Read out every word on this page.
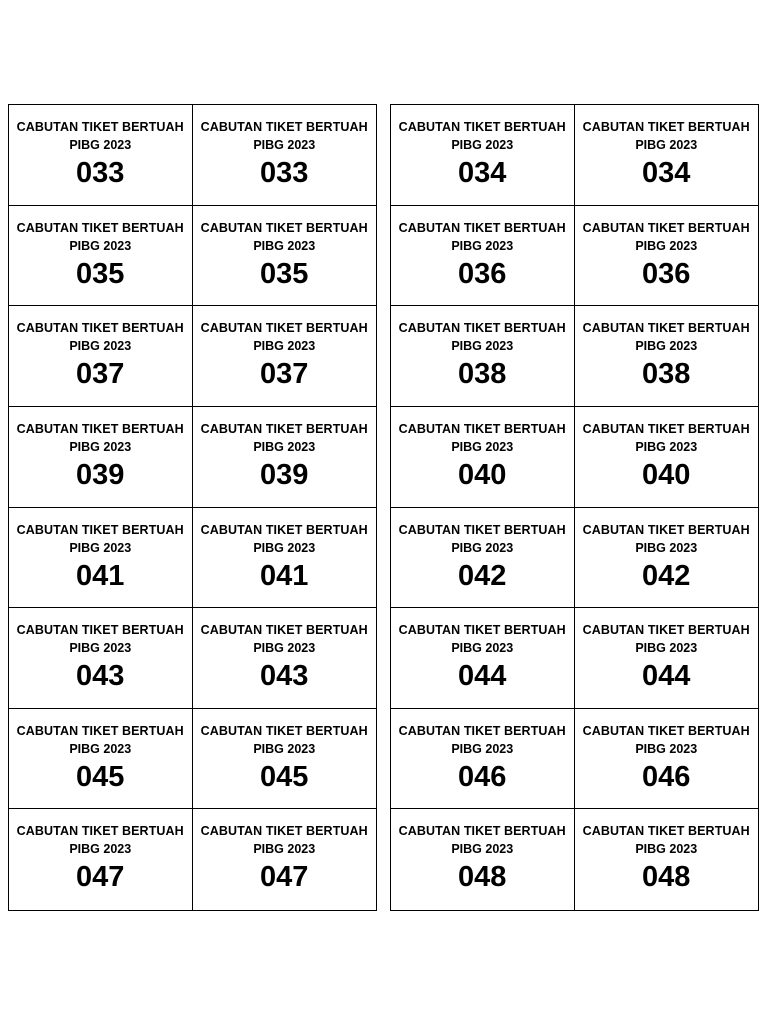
CABUTAN TIKET BERTUAH
PIBG 2023
033
CABUTAN TIKET BERTUAH
PIBG 2023
033
CABUTAN TIKET BERTUAH
PIBG 2023
035
CABUTAN TIKET BERTUAH
PIBG 2023
035
CABUTAN TIKET BERTUAH
PIBG 2023
037
CABUTAN TIKET BERTUAH
PIBG 2023
037
CABUTAN TIKET BERTUAH
PIBG 2023
039
CABUTAN TIKET BERTUAH
PIBG 2023
039
CABUTAN TIKET BERTUAH
PIBG 2023
041
CABUTAN TIKET BERTUAH
PIBG 2023
041
CABUTAN TIKET BERTUAH
PIBG 2023
043
CABUTAN TIKET BERTUAH
PIBG 2023
043
CABUTAN TIKET BERTUAH
PIBG 2023
045
CABUTAN TIKET BERTUAH
PIBG 2023
045
CABUTAN TIKET BERTUAH
PIBG 2023
047
CABUTAN TIKET BERTUAH
PIBG 2023
047
CABUTAN TIKET BERTUAH
PIBG 2023
034
CABUTAN TIKET BERTUAH
PIBG 2023
034
CABUTAN TIKET BERTUAH
PIBG 2023
036
CABUTAN TIKET BERTUAH
PIBG 2023
036
CABUTAN TIKET BERTUAH
PIBG 2023
038
CABUTAN TIKET BERTUAH
PIBG 2023
038
CABUTAN TIKET BERTUAH
PIBG 2023
040
CABUTAN TIKET BERTUAH
PIBG 2023
040
CABUTAN TIKET BERTUAH
PIBG 2023
042
CABUTAN TIKET BERTUAH
PIBG 2023
042
CABUTAN TIKET BERTUAH
PIBG 2023
044
CABUTAN TIKET BERTUAH
PIBG 2023
044
CABUTAN TIKET BERTUAH
PIBG 2023
046
CABUTAN TIKET BERTUAH
PIBG 2023
046
CABUTAN TIKET BERTUAH
PIBG 2023
048
CABUTAN TIKET BERTUAH
PIBG 2023
048
